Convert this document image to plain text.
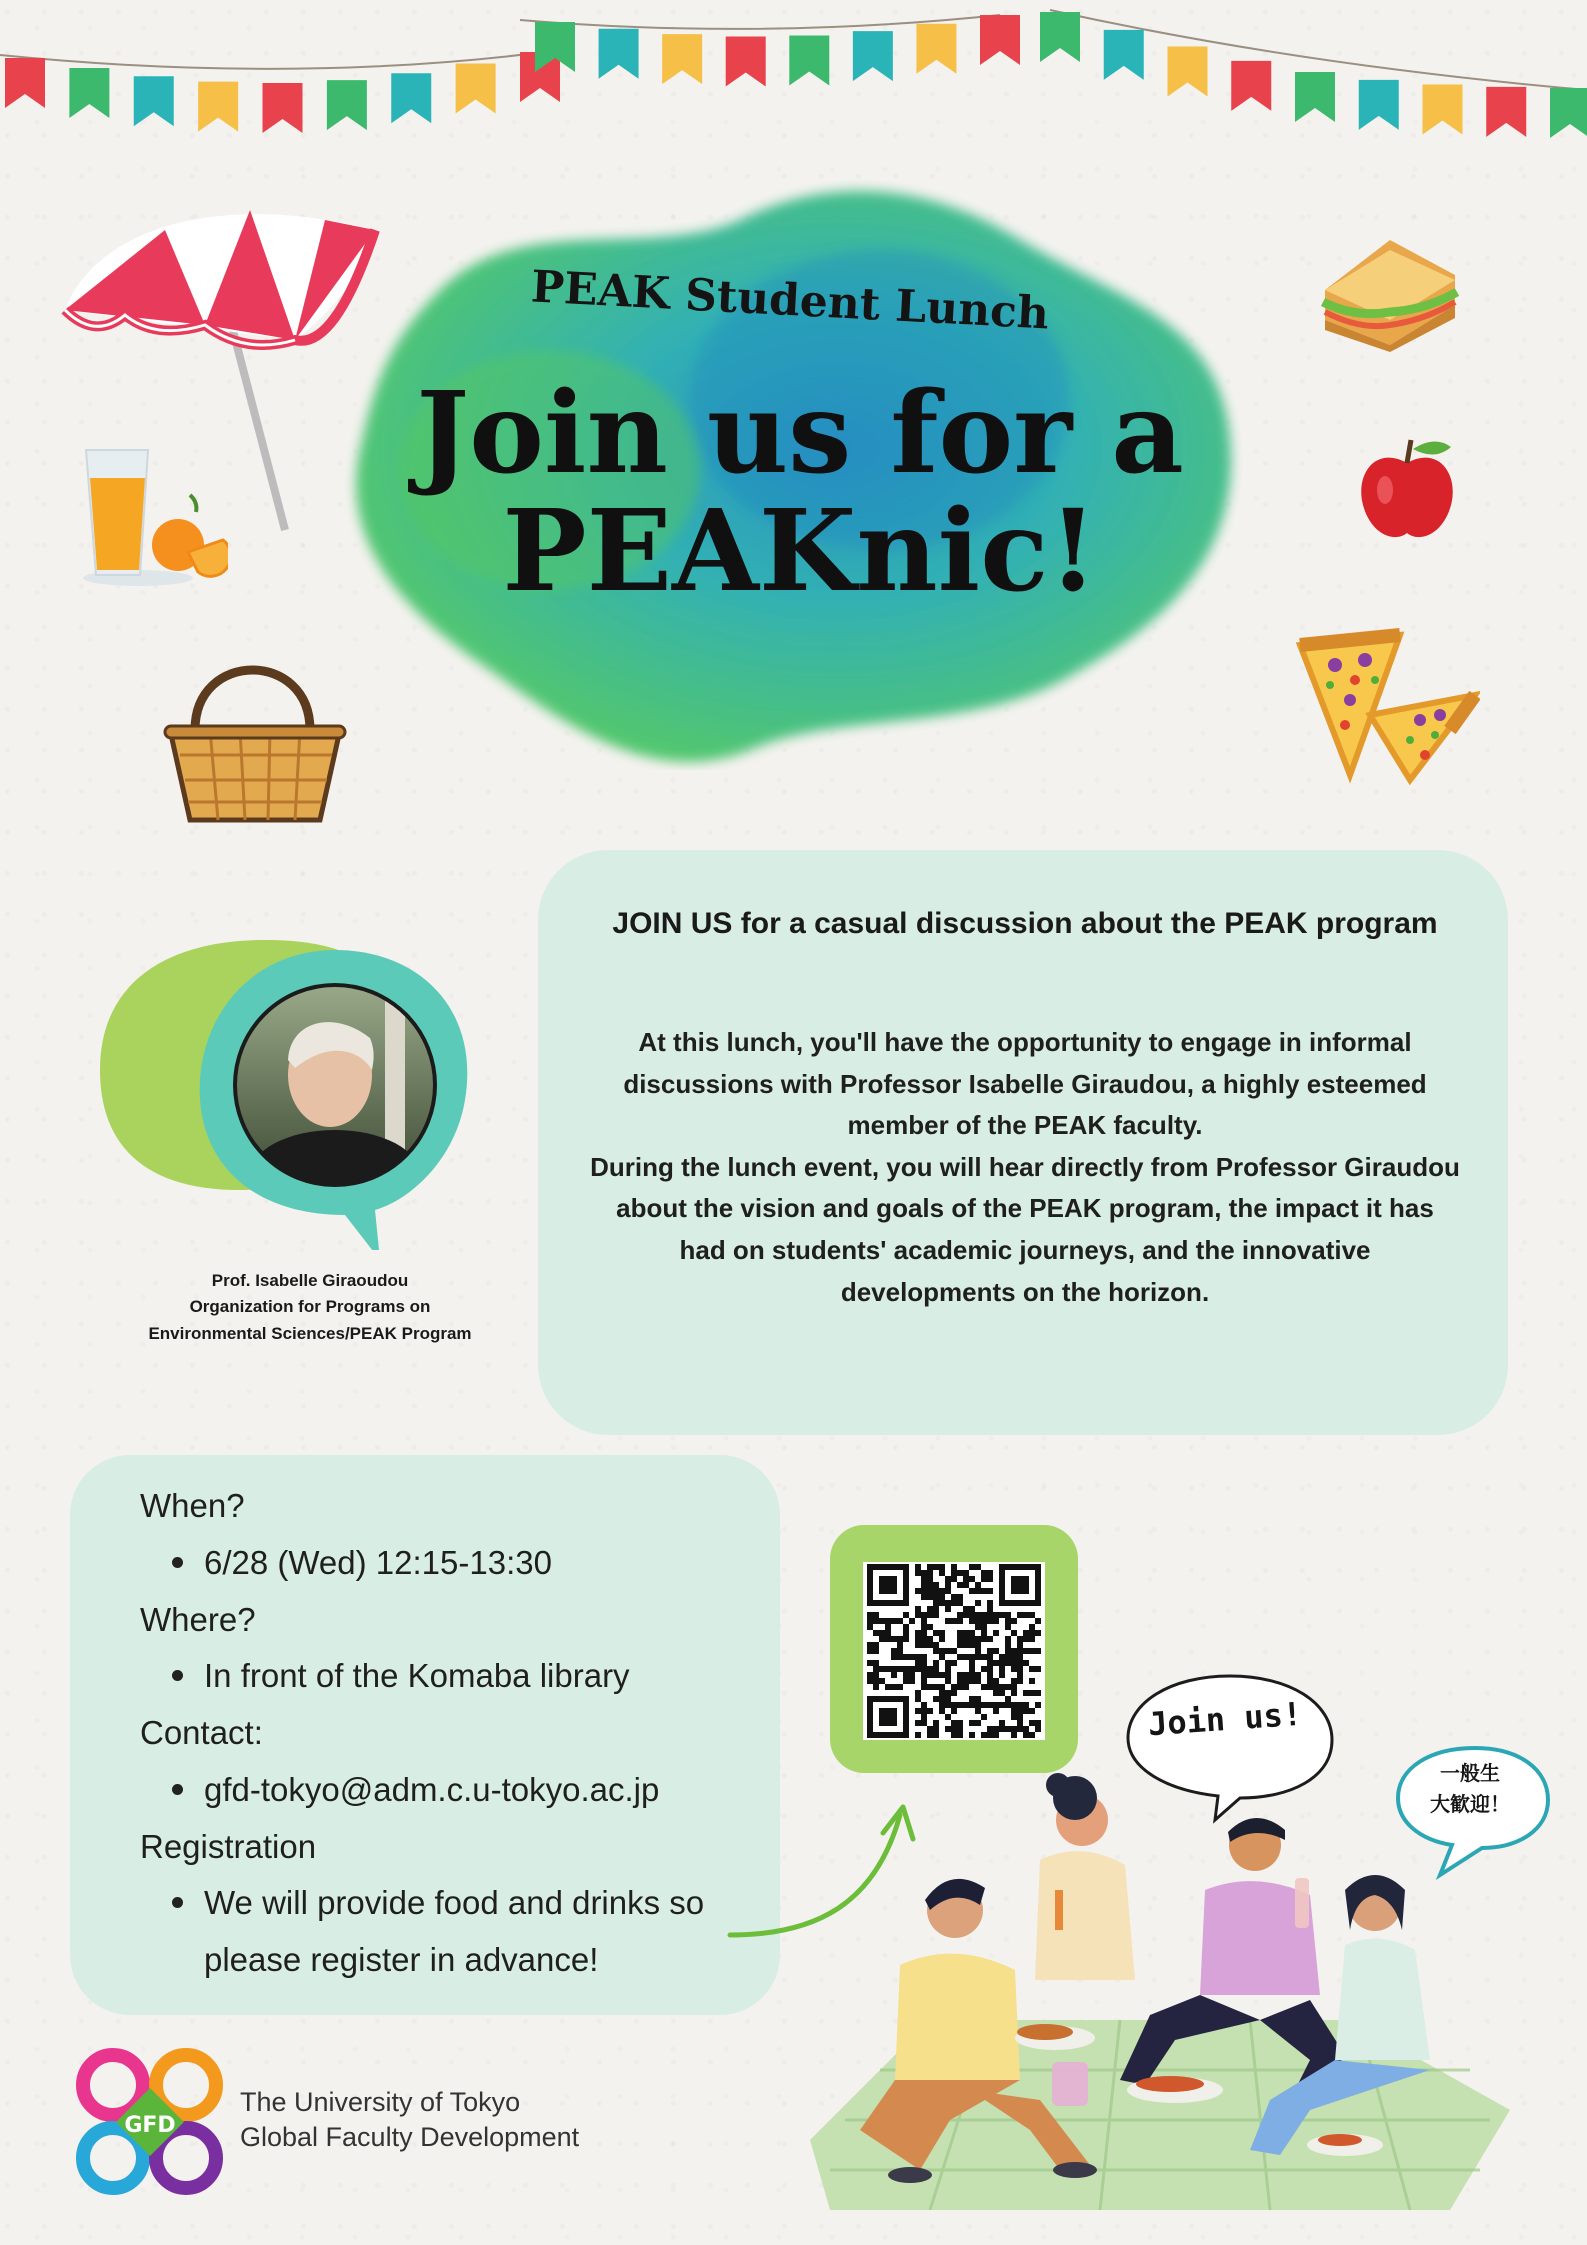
PEAK Student Lunch
Join us for a
PEAKnic!
Prof. Isabelle Giraoudou
Organization for Programs on
Environmental Sciences/PEAK Program
JOIN US for a casual discussion about the PEAK program

At this lunch, you'll have the opportunity to engage in informal discussions with Professor Isabelle Giraudou, a highly esteemed member of the PEAK faculty.

During the lunch event, you will hear directly from Professor Giraudou about the vision and goals of the PEAK program, the impact it has had on students' academic journeys, and the innovative developments on the horizon.

When?
6/28 (Wed) 12:15-13:30
Where?
In front of the Komaba library
Contact:
gfd-tokyo@adm.c.u-tokyo.ac.jp
Registration
We will provide food and drinks so
please register in advance!
Join us!
一般生
大歓迎！
GFD
The University of Tokyo
Global Faculty Development
